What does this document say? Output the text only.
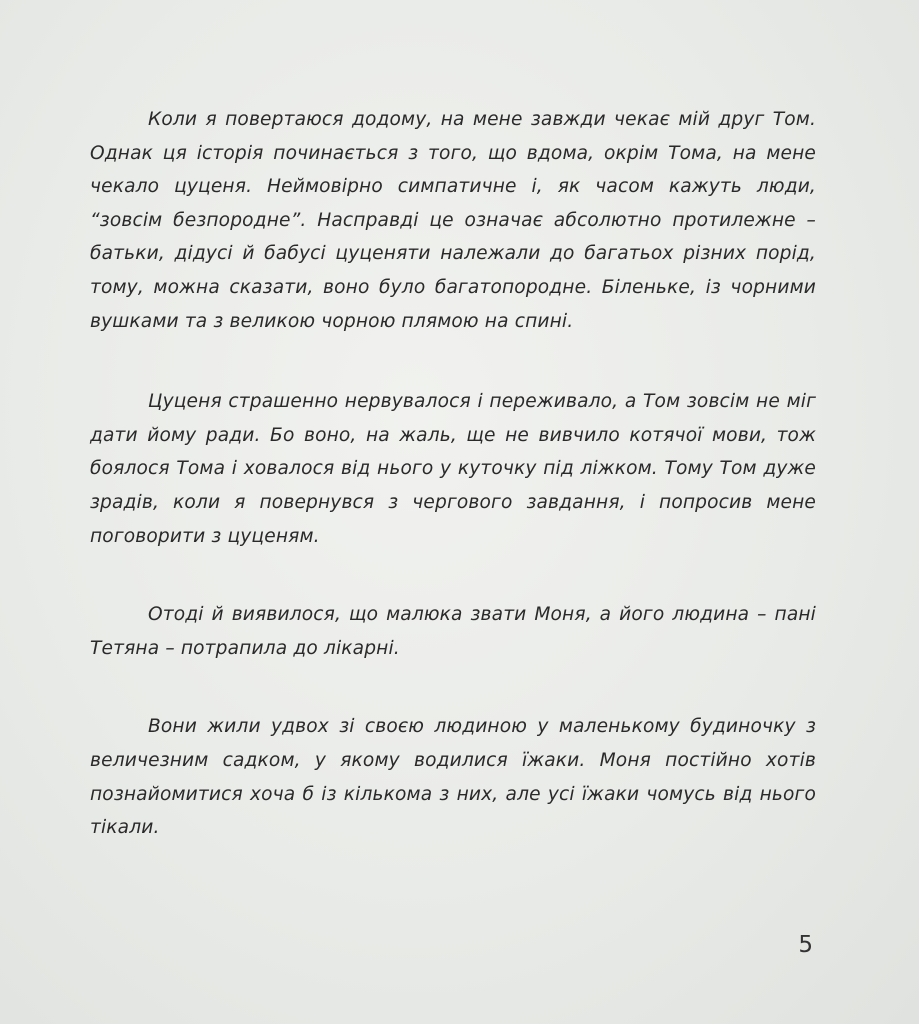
Коли я повертаюся додому, на мене завжди чекає мій друг Том. Однак ця історія починається з того, що вдома, окрім Тома, на мене чекало цуценя. Неймовірно симпатичне і, як часом кажуть люди, “зовсім безпородне”. Насправді це означає абсолютно протилежне – батьки, дідусі й бабусі цуценяти належали до багатьох різних порід, тому, можна сказати, воно було багатопородне. Біленьке, із чорними вушками та з великою чорною плямою на спині.

Цуценя страшенно нервувалося і переживало, а Том зовсім не міг дати йому ради. Бо воно, на жаль, ще не вивчило котячої мови, тож боялося Тома і ховалося від нього у куточку під ліжком. Тому Том дуже зрадів, коли я повернувся з чергового завдання, і попросив мене поговорити з цуценям.

Отоді й виявилося, що малюка звати Моня, а його людина – пані Тетяна – потрапила до лікарні.

Вони жили удвох зі своєю людиною у маленькому будиночку з величезним садком, у якому водилися їжаки. Моня постійно хотів познайомитися хоча б із кількома з них, але усі їжаки чомусь від нього тікали.

5
